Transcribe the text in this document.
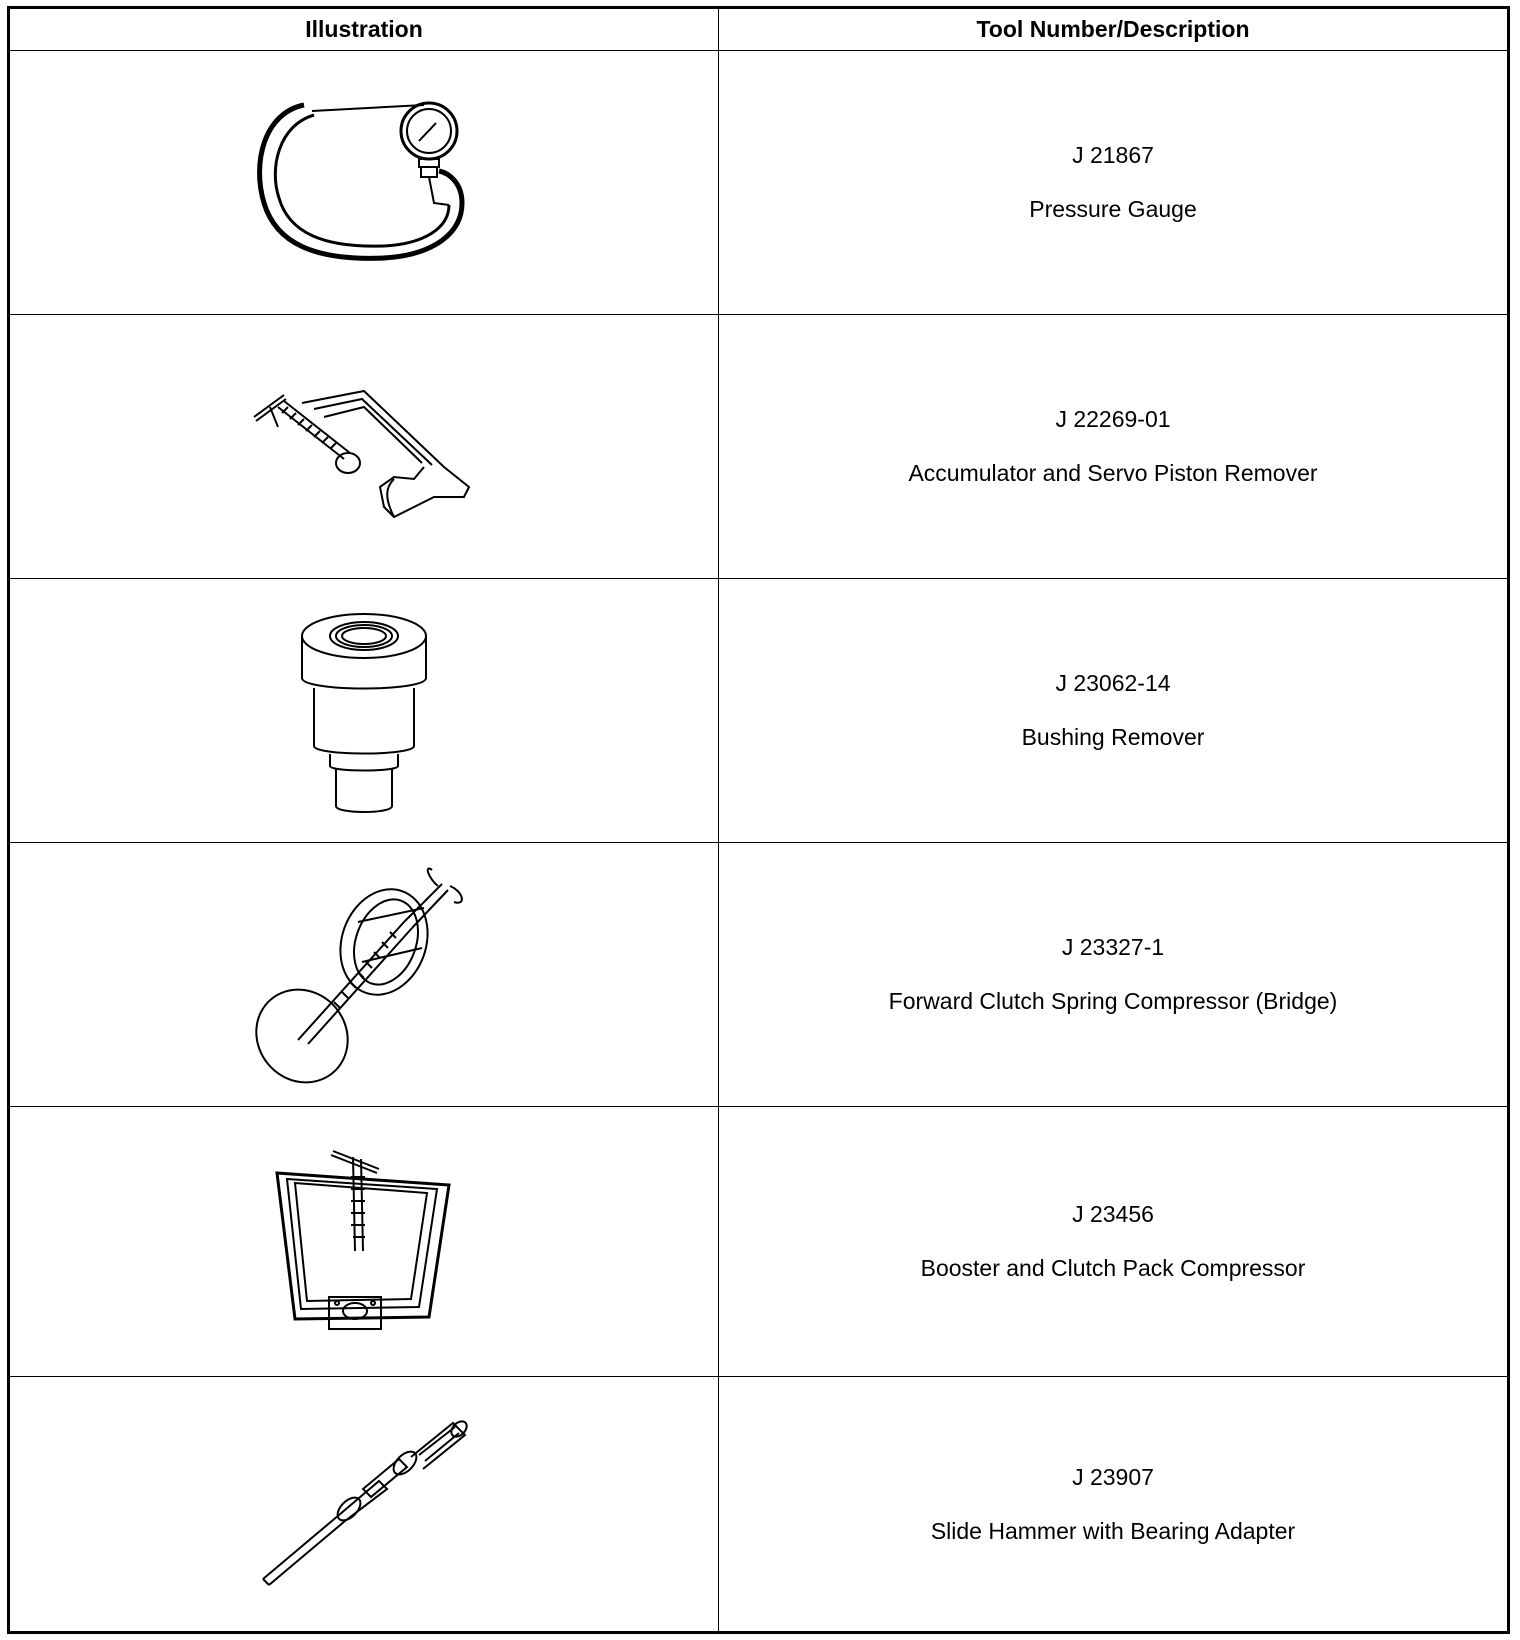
Illustration	Tool Number/Description

J 21867
Pressure Gauge

J 22269-01
Accumulator and Servo Piston Remover

J 23062-14
Bushing Remover

J 23327-1
Forward Clutch Spring Compressor (Bridge)

J 23456
Booster and Clutch Pack Compressor

J 23907
Slide Hammer with Bearing Adapter
